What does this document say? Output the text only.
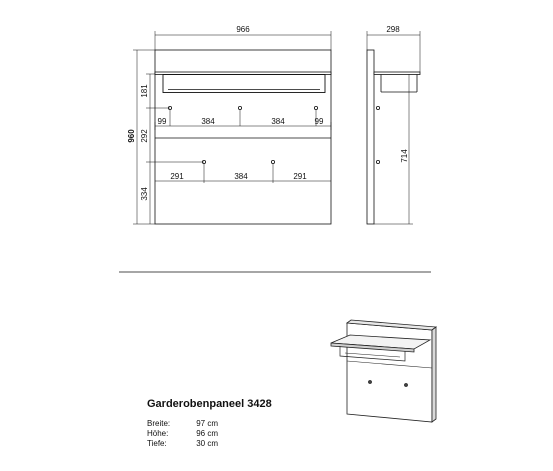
966
181
292
334
960
99	384	384	99
291	384	291
298
714
Garderobenpaneel 3428
Breite:	97 cm
Höhe:	96 cm
Tiefe:	30 cm
